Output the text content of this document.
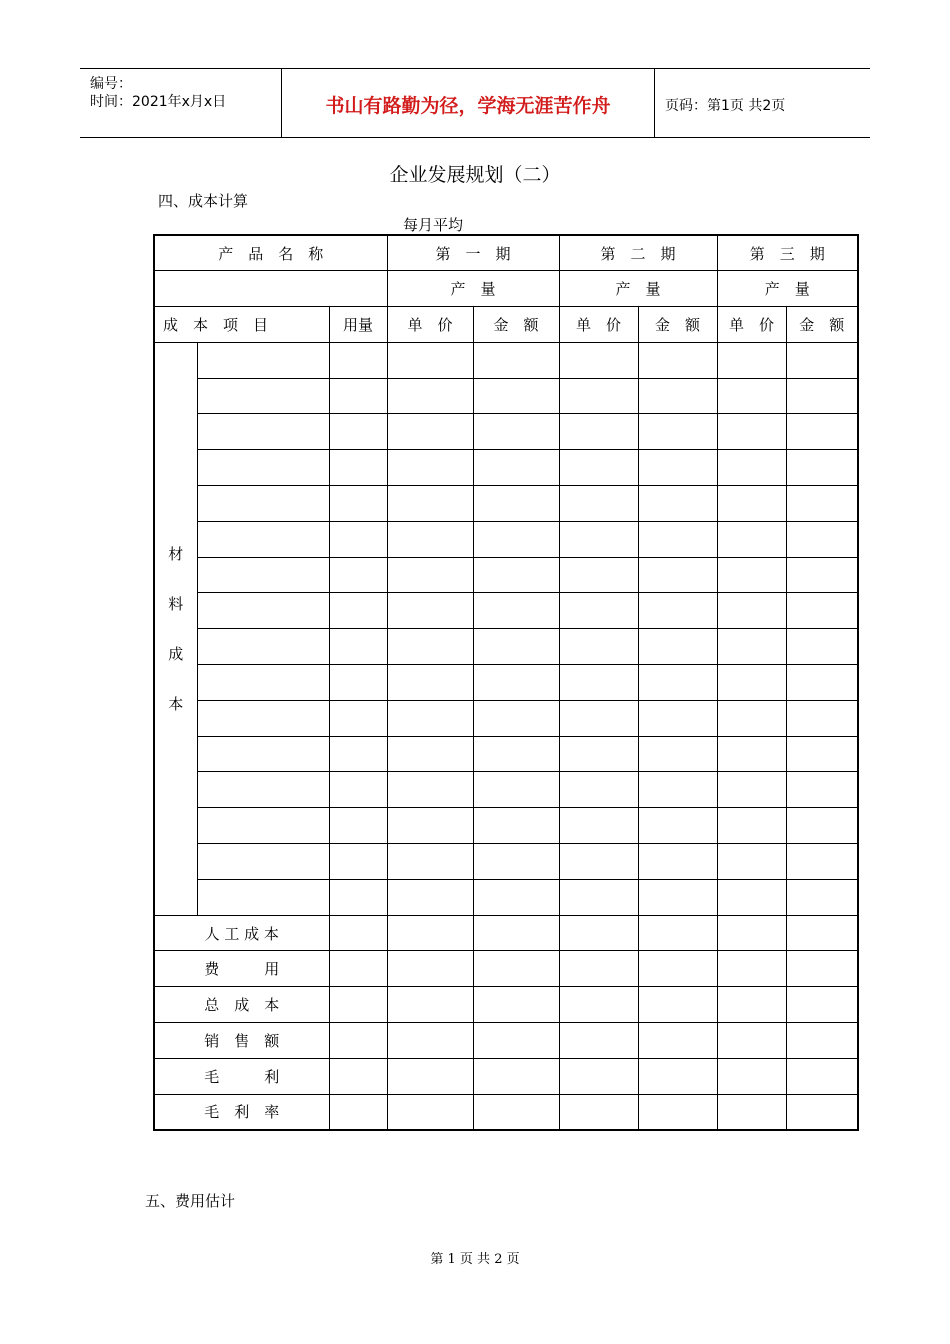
编号：
时间：2021年x月x日	书山有路勤为径，学海无涯苦作舟	页码：第1页 共2页
企业发展规划（二）
四、成本计算
每月平均
产　品　名　称			第　一　期		第　二　期		第　三　期	
			产　量		产　量		产　量	
成　本　项　目		用量	单　价	金　额	单　价	金　额	单　价	金　额

材
料
成
本								

人 工 成 本								
费　　　用								
总　成　本								
销　售　额								
毛　　　利								
毛　利　率								
五、费用估计
第 1 页 共 2 页
